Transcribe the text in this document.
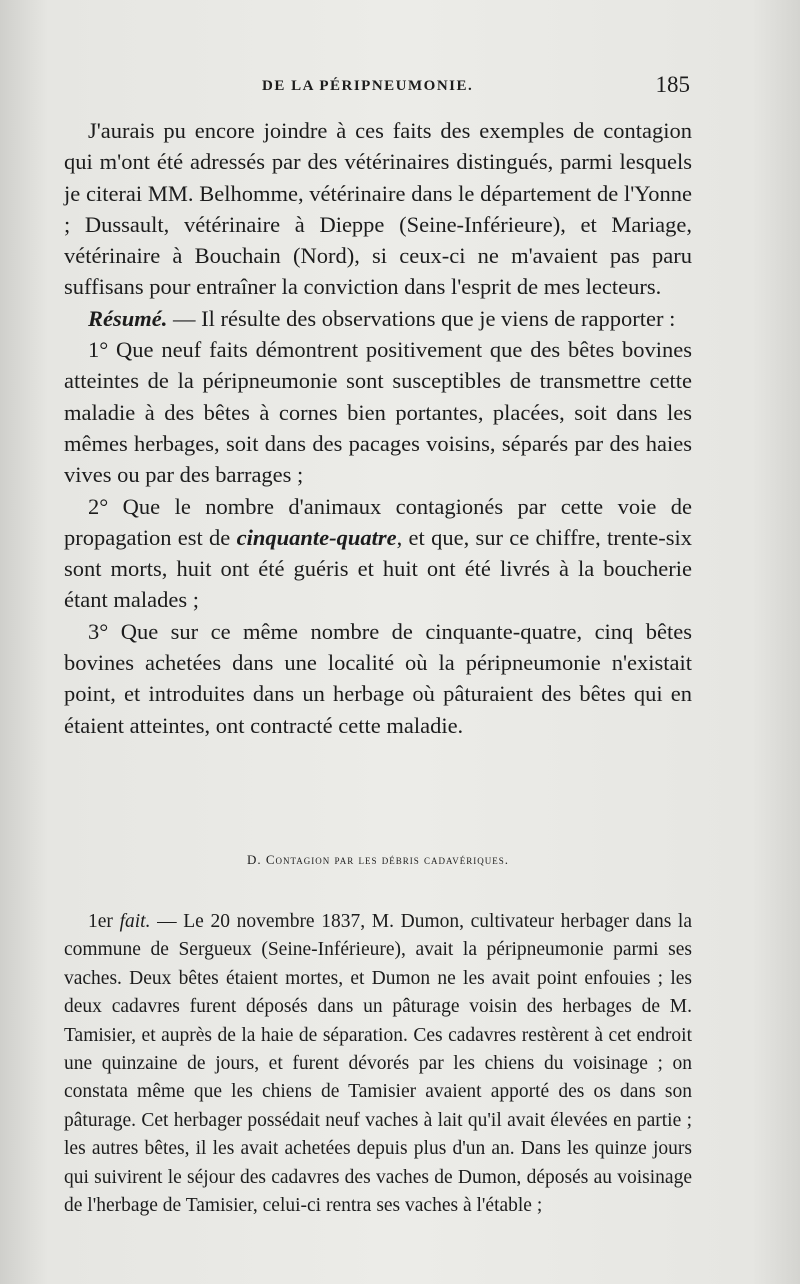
DE LA PÉRIPNEUMONIE.	185

J'aurais pu encore joindre à ces faits des exemples de contagion qui m'ont été adressés par des vétérinaires distingués, parmi lesquels je citerai MM. Belhomme, vétérinaire dans le département de l'Yonne ; Dussault, vétérinaire à Dieppe (Seine-Inférieure), et Mariage, vétérinaire à Bouchain (Nord), si ceux-ci ne m'avaient pas paru suffisans pour entraîner la conviction dans l'esprit de mes lecteurs.

Résumé. — Il résulte des observations que je viens de rapporter :

1° Que neuf faits démontrent positivement que des bêtes bovines atteintes de la péripneumonie sont susceptibles de transmettre cette maladie à des bêtes à cornes bien portantes, placées, soit dans les mêmes herbages, soit dans des pacages voisins, séparés par des haies vives ou par des barrages ;

2° Que le nombre d'animaux contagionés par cette voie de propagation est de cinquante-quatre, et que, sur ce chiffre, trente-six sont morts, huit ont été guéris et huit ont été livrés à la boucherie étant malades ;

3° Que sur ce même nombre de cinquante-quatre, cinq bêtes bovines achetées dans une localité où la péripneumonie n'existait point, et introduites dans un herbage où pâturaient des bêtes qui en étaient atteintes, ont contracté cette maladie.

D. Contagion par les débris cadavériques.

1er fait. — Le 20 novembre 1837, M. Dumon, cultivateur herbager dans la commune de Sergueux (Seine-Inférieure), avait la péripneumonie parmi ses vaches. Deux bêtes étaient mortes, et Dumon ne les avait point enfouies ; les deux cadavres furent déposés dans un pâturage voisin des herbages de M. Tamisier, et auprès de la haie de séparation. Ces cadavres restèrent à cet endroit une quinzaine de jours, et furent dévorés par les chiens du voisinage ; on constata même que les chiens de Tamisier avaient apporté des os dans son pâturage. Cet herbager possédait neuf vaches à lait qu'il avait élevées en partie ; les autres bêtes, il les avait achetées depuis plus d'un an. Dans les quinze jours qui suivirent le séjour des cadavres des vaches de Dumon, déposés au voisinage de l'herbage de Tamisier, celui-ci rentra ses vaches à l'étable ;
